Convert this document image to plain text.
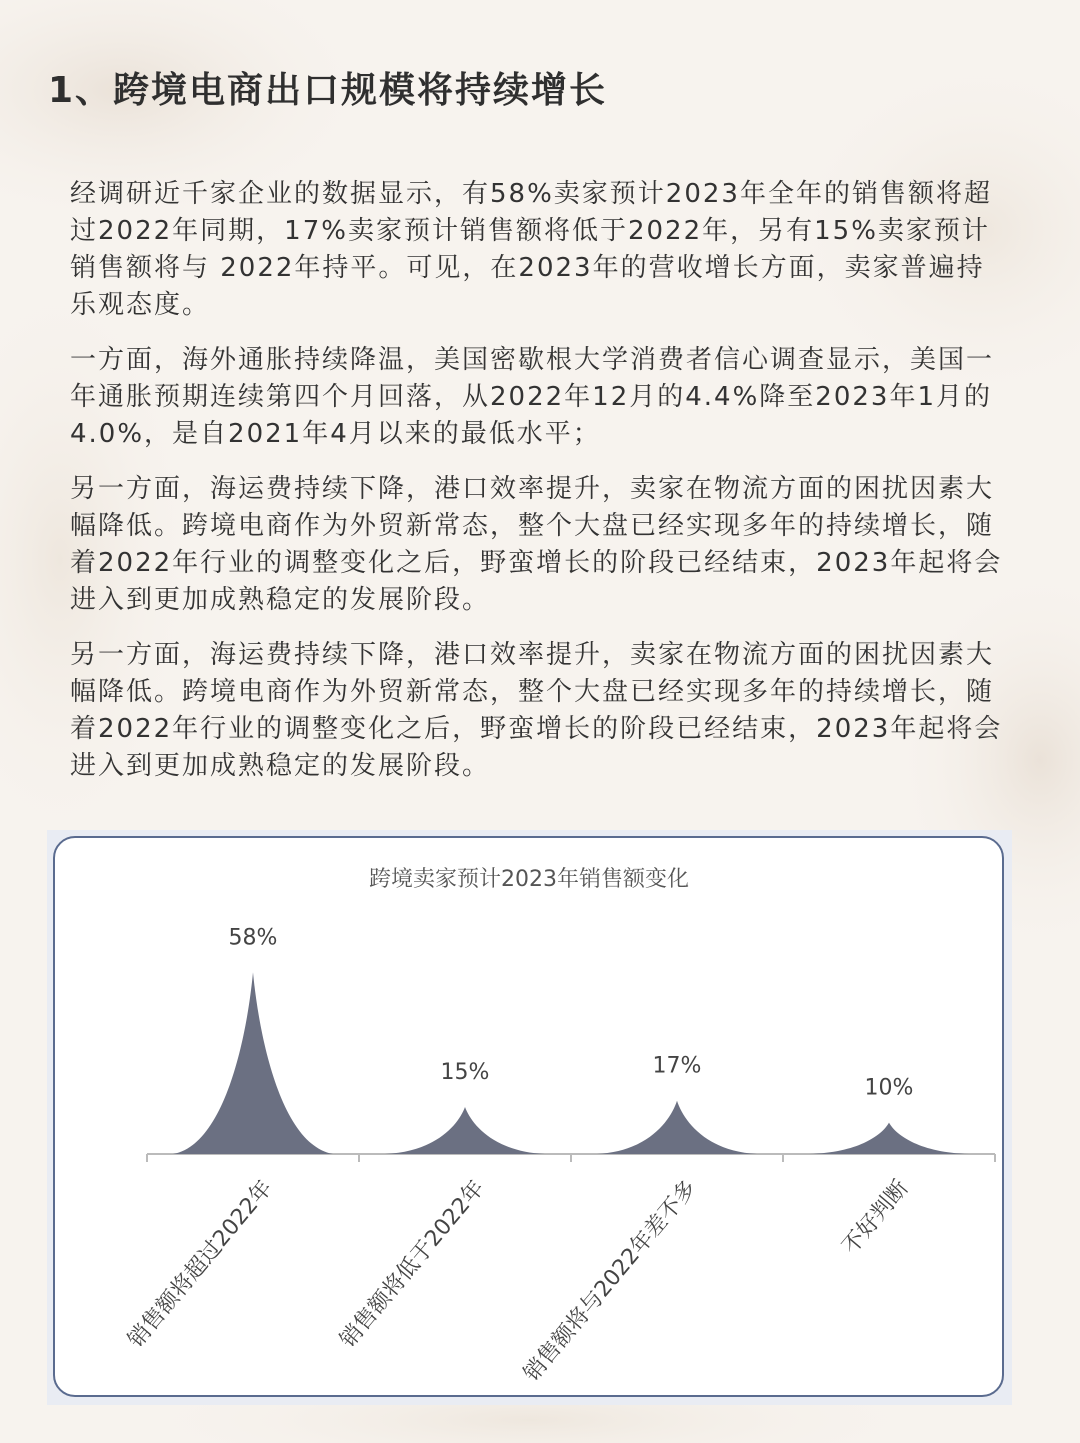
1、跨境电商出口规模将持续增长

经调研近千家企业的数据显示，有58%卖家预计2023年全年的销售额将超过2022年同期，17%卖家预计销售额将低于2022年，另有15%卖家预计销售额将与 2022年持平。可见，在2023年的营收增长方面，卖家普遍持乐观态度。

一方面，海外通胀持续降温，美国密歇根大学消费者信心调查显示，美国一年通胀预期连续第四个月回落，从2022年12月的4.4%降至2023年1月的4.0%，是自2021年4月以来的最低水平；

另一方面，海运费持续下降，港口效率提升，卖家在物流方面的困扰因素大幅降低。跨境电商作为外贸新常态，整个大盘已经实现多年的持续增长，随着2022年行业的调整变化之后，野蛮增长的阶段已经结束，2023年起将会进入到更加成熟稳定的发展阶段。

另一方面，海运费持续下降，港口效率提升，卖家在物流方面的困扰因素大幅降低。跨境电商作为外贸新常态，整个大盘已经实现多年的持续增长，随着2022年行业的调整变化之后，野蛮增长的阶段已经结束，2023年起将会进入到更加成熟稳定的发展阶段。

跨境卖家预计2023年销售额变化
58%
15%	17%
10%
销售额将超过2022年	销售额将低于2022年 销售额将与2022年差不多	不好判断
